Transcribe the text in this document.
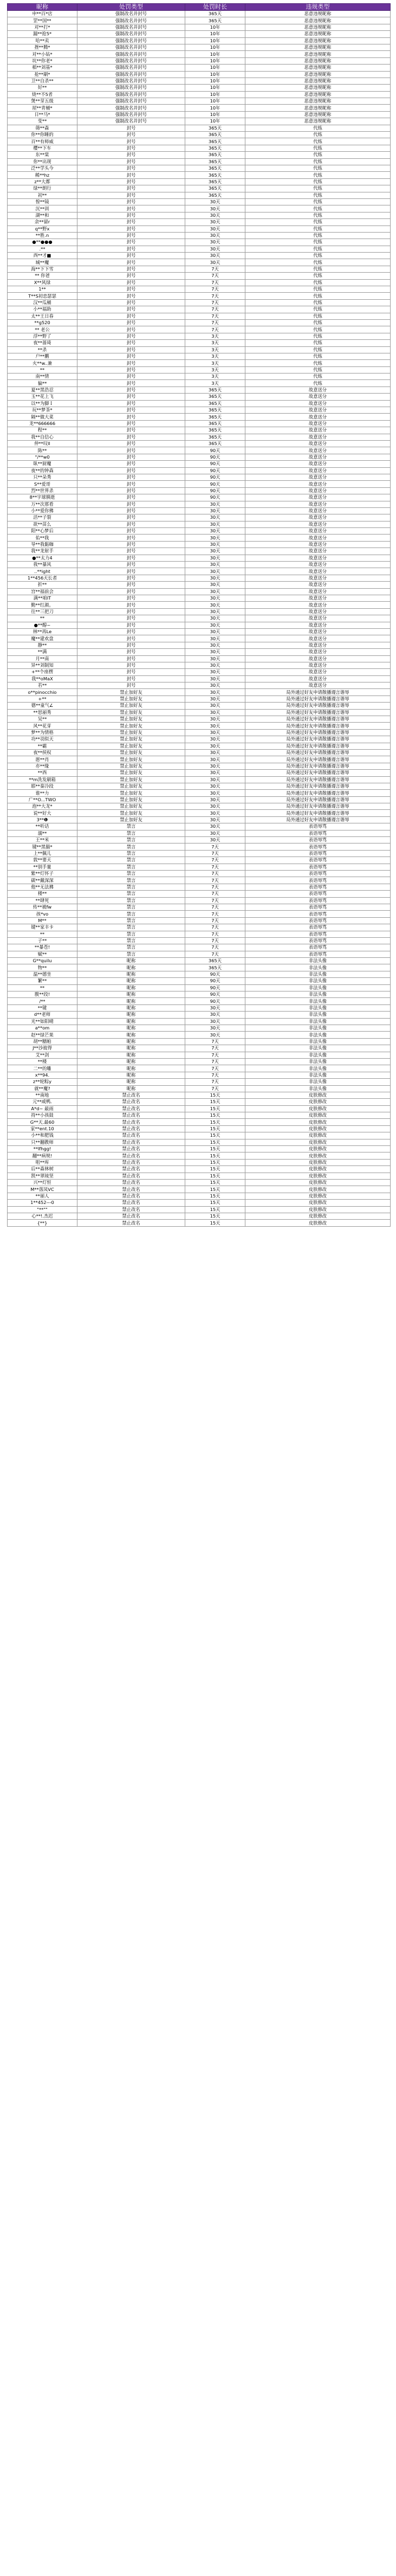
昵称	处罚类型	处罚时长	违规类型
申**百*店	强制改名并封号	365天	恶意违规昵称
罡**国**	强制改名并封号	365天	恶意违规昵称
对**打*	强制改名并封号	10年	恶意违规昵称
漏**抢5*	强制改名并封号	10年	恶意违规昵称
哈**卖	强制改名并封号	10年	恶意违规昵称
挫**腾*	强制改名并封号	10年	恶意违规昵称
对**小钻*	强制改名并封号	10年	恶意违规昵称
坑**你老*	强制改名并封号	10年	恶意违规昵称
稻**刘基*	强制改名并封号	10年	恶意违规昵称
抢**刷*	强制改名并封号	10年	恶意违规昵称
卫**自杀**	强制改名并封号	10年	恶意违规昵称
好**	强制改名并封号	10年	恶意违规昵称
烧**不5者	强制改名并封号	10年	恶意违规昵称
煲**芽五级	强制改名并封号	10年	恶意违规昵称
屋**青桶*	强制改名并封号	10年	恶意违规昵称
日**马*	强制改名并封号	10年	恶意违规昵称
变**	强制改名并封号	10年	恶意违规昵称
筛**森	封号	365天	代练
你**你睡的	封号	365天	代练
百**有师威	封号	365天	代练
樱**下车	封号	365天	代练
东**棠	封号	365天	代练
你**出现	封号	365天	代练
泛**学头今	封号	365天	代练
稀**hz	封号	365天	代练
z**大都	封号	365天	代练
绿**朗行	封号	365天	代练
初**	封号	365天	代练
惶**镜	封号	30天	代练
沉**训	封号	30天	代练
湖**和	封号	30天	代练
余**留r	封号	30天	代练
q**野x	封号	30天	代练
**胜.n	封号	30天	代练
●**●●●	封号	30天	代练
.**	封号	30天	代练
西**才■	封号	30天	代练
城**魔	封号	30天	代练
海**下下雪	封号	7天	代练
** 你爸	封号	7天	代练
X**风绿	封号	7天	代练
1**	封号	7天	代练
T**S初恋瑟瑟	封号	7天	代练
汉**瓜桶	封号	7天	代练
小**福助	封号	7天	代练
太**王日春	封号	7天	代练
**g520	封号	7天	代练
** 老公	封号	7天	代练
浮**野了	封号	3天	代练
夜**蔷琦	封号	3天	代练
**杀	封号	3天	代练
户**鹏	封号	3天	代练
火**w..兼	封号	3天	代练
**	封号	3天	代练
南**情	封号	3天	代练
偏**	封号	3天	代练
夏**黑浩忍	封号	365天	故意送分
玉**花上飞	封号	365天	故意送分
以**为脚Ｉ	封号	365天	故意送分
玩**梦茶*	封号	365天	故意送分
隔**做大菜	封号	365天	故意送分
龙**666666	封号	365天	故意送分
程**	封号	365天	故意送分
我**自信心	封号	365天	故意送分
仲**叹ll	封号	365天	故意送分
陈**	封号	90天	故意送分
°/**w0	封号	90天	故意送分
臥**厨魔	封号	90天	故意送分
夜**的钟森	封号	90天	故意送分
只**朵秀	封号	90天	故意送分
S**爱哥	封号	90天	故意送分
烈**世界杀	封号	90天	故意送分
8**宇球胰逝	封号	90天	故意送分
万**次那看	封号	30天	故意送分
小**爱你佛	封号	30天	故意送分
活**子裂	封号	30天	故意送分
欲**苗么	封号	30天	故意送分
阳**心梦后	封号	30天	故意送分
佑**我	封号	30天	故意送分
导**我黏咖	封号	30天	故意送分
我**龙射手	封号	30天	故意送分
●**太力4	封号	30天	故意送分
我**暴风	封号	30天	故意送分
..**ight	封号	30天	故意送分
1**456天长者	封号	30天	故意送分
折**	封号	30天	故意送分
宫**福前会	封号	30天	故意送分
满**咱IT	封号	30天	故意送分
勤**红颜。	封号	30天	故意送分
往**三把刀	封号	30天	故意送分
**	封号	30天	故意送分
●**醇~	封号	30天	故意送分
林**再Le	封号	30天	故意送分
魔**建欢盘	封号	30天	故意送分
静**	封号	30天	故意送分
**满	封号	30天	故意送分
月**南	封号	30天	故意送分
异**刘制知	封号	30天	故意送分
+**个座楞	封号	30天	故意送分
我**oMaX	封号	30天	故意送分
若**	封号	30天	故意送分
o**pinocchio	禁止加好友	30天	局外通过好友申请散播谩言谐辱
+**	禁止加好友	30天	局外通过好友申请散播谩言谐辱
德**童气∠	禁止加好友	30天	局外通过好友申请散播谩言谐辱
**思丽秀	禁止加好友	30天	局外通过好友申请散播谩言谐辱
吴**	禁止加好友	30天	局外通过好友申请散播谩言谐辱
风**花芽	禁止加好友	30天	局外通过好友申请散播谩言谐辱
梦**为情格	禁止加好友	30天	局外通过好友申请散播谩言谐辱
功**羽似天	禁止加好友	30天	局外通过好友申请散播谩言谐辱
**霸	禁止加好友	30天	局外通过好友申请散播谩言谐辱
夜**侯权	禁止加好友	30天	局外通过好友申请散播谩言谐辱
愿**肖	禁止加好友	30天	局外通过好友申请散播谩言谐辱
亦**缘	禁止加好友	30天	局外通过好友申请散播谩言谐辱
**西	禁止加好友	30天	局外通过好友申请散播谩言谐辱
**m洗发刷箱	禁止加好友	30天	局外通过好友申请散播谩言谐辱
耶**秦冷段	禁止加好友	30天	局外通过好友申请散播谩言谐辱
谁**力	禁止加好友	30天	局外通过好友申请散播谩言谐辱
广**O...TWO	禁止加好友	30天	局外通过好友申请散播谩言谐辱
泡**大龙*	禁止加好友	30天	局外通过好友申请散播谩言谐辱
说**好大	禁止加好友	30天	局外通过好友申请散播谩言谐辱
3**❶	禁止加好友	30天	局外通过好友申请散播谩言谐辱
**听话	禁言	30天	表语辱骂
溺**	禁言	30天	表语辱骂
王**米	禁言	30天	表语辱骂
键**黑猫*	禁言	7天	表语辱骂
上**佩儿	禁言	7天	表语辱骂
敦**要天	禁言	7天	表语辱骂
**别手量	禁言	7天	表语辱骂
紫**灯怀子	禁言	7天	表语辱骂
碳**戴深深	禁言	7天	表语辱骂
他**无法拂	禁言	7天	表语辱骂
楼**	禁言	7天	表语辱骂
**肆死	禁言	7天	表语辱骂
传**被fw	禁言	7天	表语辱骂
孩*vo	禁言	7天	表语辱骂
M**	禁言	7天	表语辱骂
键**家丰卡	禁言	7天	表语辱骂
**	禁言	7天	表语辱骂
子**	禁言	7天	表语辱骂
**暴苍!	禁言	7天	表语辱骂
赋**	禁言	7天	表语辱骂
G**quilu	昵称	365天	非法头像
物**	昵称	365天	非法头像
温**德坐	昵称	90天	非法头像
繁**	昵称	90天	非法头像
**	昵称	90天	非法头像
腹**段!	昵称	90天	非法头像
/**	昵称	90天	非法头像
**键	昵称	30天	非法头像
d**老师	昵称	30天	非法头像
光**如阳晴	昵称	30天	非法头像
a**om	昵称	30天	非法头像
赵**绿芒果	昵称	30天	非法头像
胡**糯帕	昵称	7天	非法头像
J**沙彼得	昵称	7天	非法头像
艾**剑	昵称	7天	非法头像
**楼	昵称	7天	非法头像
二**的雕	昵称	7天	非法头像
x**94.	昵称	7天	非法头像
z**轮粽y	昵称	7天	非法头像
就**魔?	昵称	7天	非法头像
**南地	禁止改名	15天	皮肤修改
元**咸鸭.	禁止改名	15天	皮肤修改
A*d~ 最雨	禁止改名	15天	皮肤修改
持**小孩鼓	禁止改名	15天	皮肤修改
G**天.最60	禁止改名	15天	皮肤修改
家**ent.10	禁止改名	15天	皮肤修改
小**和肥钱	禁止改名	15天	皮肤修改
只**翻教师	禁止改名	15天	皮肤修改
**lfhgg!	禁止改名	15天	皮肤修改
翻**病规!	禁止改名	15天	皮肤修改
咀**库	禁止改名	15天	皮肤修改
后**森林树	禁止改名	15天	皮肤修改
凯**翠琉坚	禁止改名	15天	皮肤修改
兴**灯恒	禁止改名	15天	皮肤修改
M**落凤VC	禁止改名	15天	皮肤修改
**丽人	禁止改名	15天	皮肤修改
1**452---0	禁止改名	15天	皮肤修改
"**""	禁止改名	15天	皮肤修改
心**!.杰迟	禁止改名	15天	皮肤修改
{**}	禁止改名	15天	皮肤修改
